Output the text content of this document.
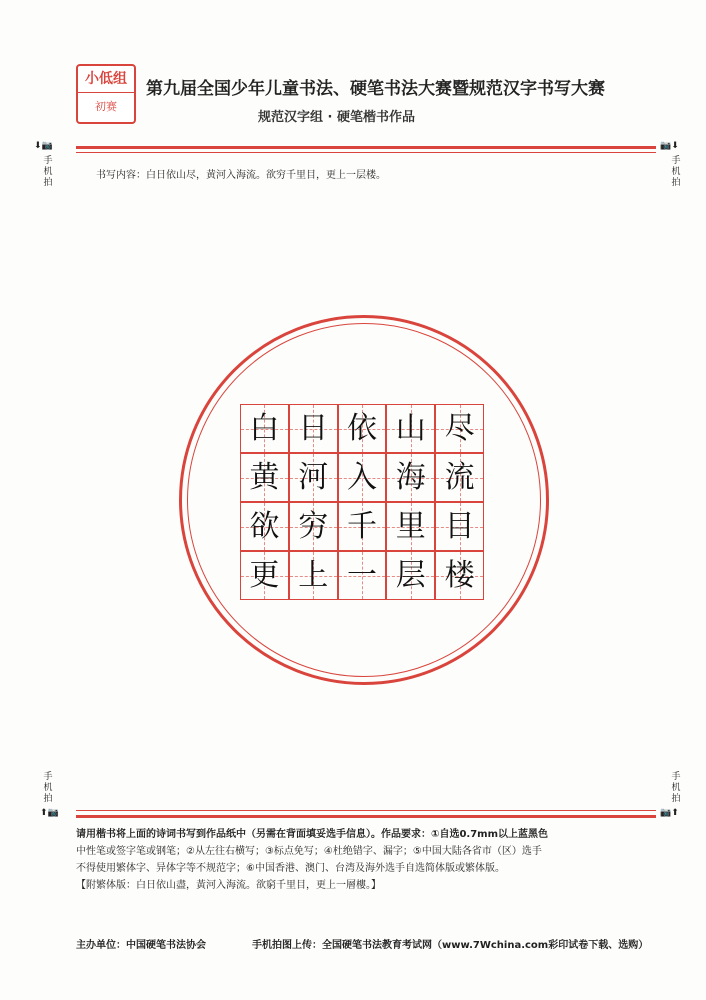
小低组
初赛
第九届全国少年儿童书法、硬笔书法大赛暨规范汉字书写大赛
规范汉字组 · 硬笔楷书作品
⬇📷	📷⬇
手机拍
手机拍
书写内容：白日依山尽，黄河入海流。欲穷千里目，更上一层楼。
白 日 依 山 尽
黄 河 入 海 流
欲 穷 千 里 目
更 上 一 层 楼
手机拍
手机拍
⬆📷	📷⬆
请用楷书将上面的诗词书写到作品纸中（另需在背面填妥选手信息）。作品要求：①自选0.7mm以上蓝黑色
中性笔或签字笔或钢笔；②从左往右横写；③标点免写；④杜绝错字、漏字；⑤中国大陆各省市（区）选手
不得使用繁体字、异体字等不规范字；⑥中国香港、澳门、台湾及海外选手自选简体版或繁体版。
【附繁体版：白日依山盡，黃河入海流。欲窮千里目，更上一層樓。】
主办单位：中国硬笔书法协会	手机拍图上传：全国硬笔书法教育考试网（www.7Wchina.com彩印试卷下载、选购）
